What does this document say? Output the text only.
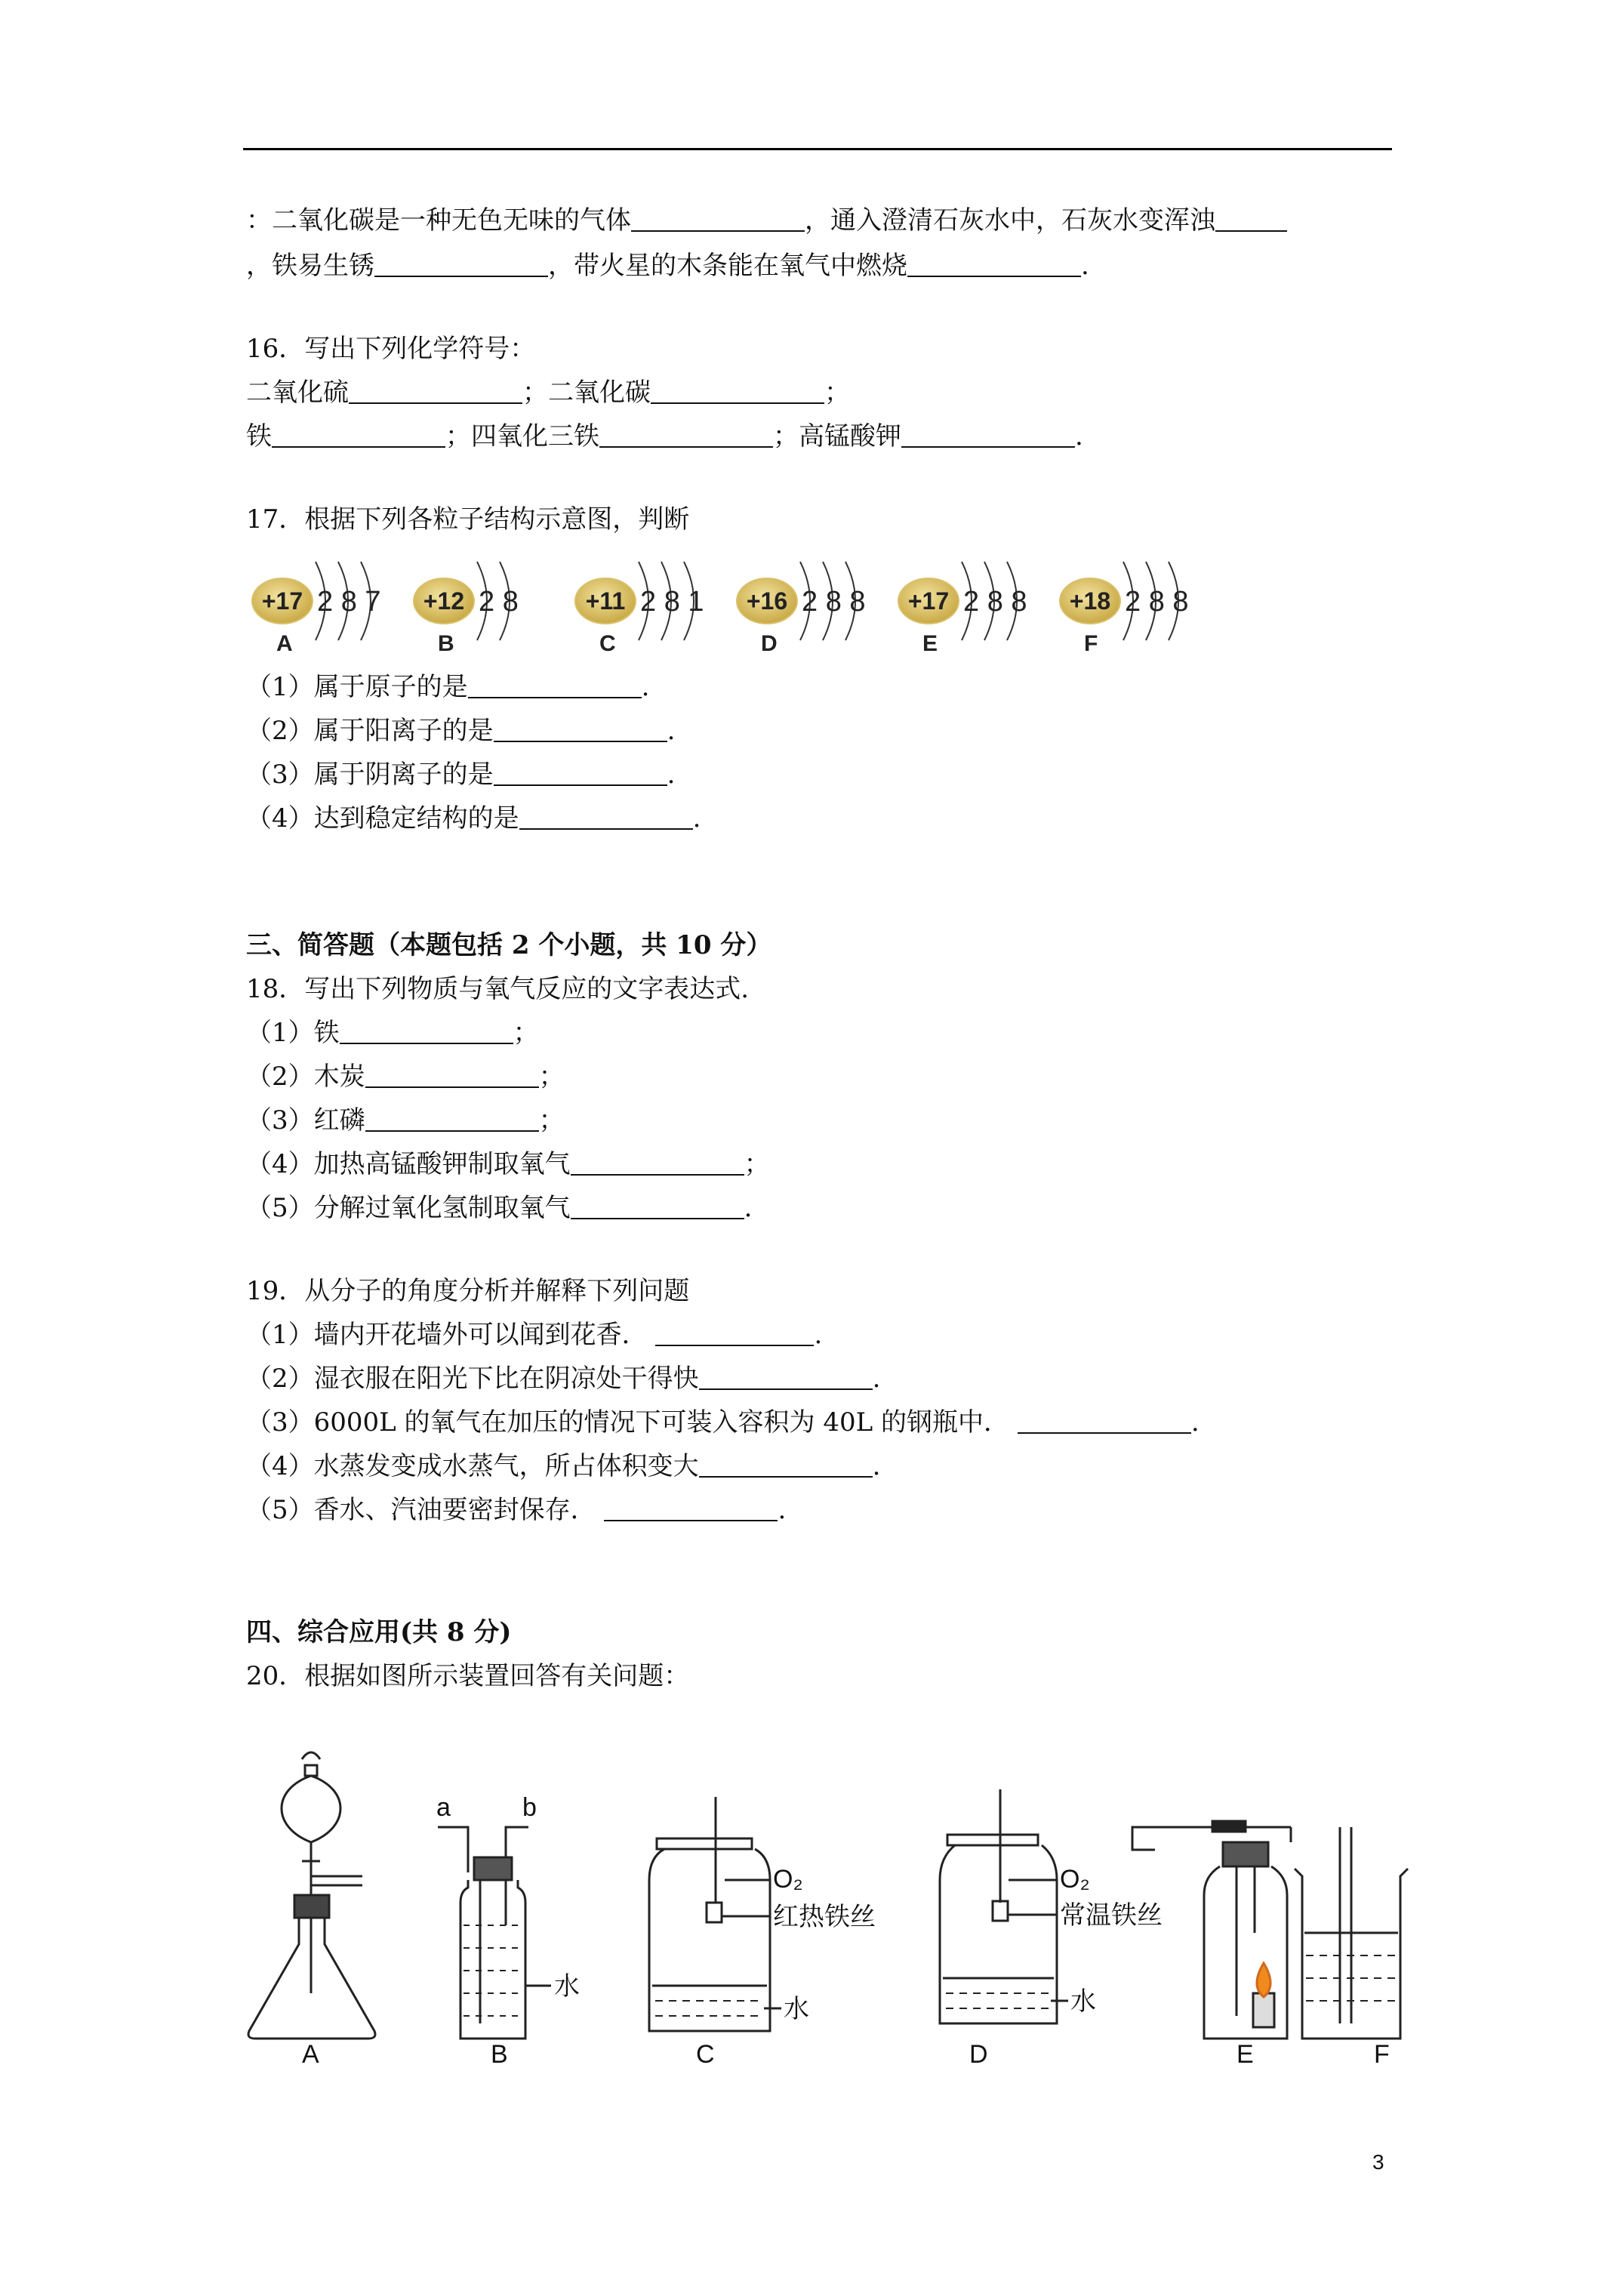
：二氧化碳是一种无色无味的气体	，通入澄清石灰水中，石灰水变浑浊
，铁易生锈	，带火星的木条能在氧气中燃烧	.
16．写出下列化学符号：
二氧化硫	；二氧化碳	；
铁	；四氧化三铁	；高锰酸钾	.
17．根据下列各粒子结构示意图，判断
+17 2 8 7
A
+12 2 8
B
+11 2 8 1
C
+16 2 8 8
D
+17 2 8 8
E
+18 2 8 8
F
（1）属于原子的是	.
（2）属于阳离子的是	.
（3）属于阴离子的是	.
（4）达到稳定结构的是	.
三、简答题（本题包括 2 个小题，共 10 分）
18．写出下列物质与氧气反应的文字表达式.
（1）铁	；
（2）木炭	；
（3）红磷	；
（4）加热高锰酸钾制取氧气	；
（5）分解过氧化氢制取氧气	.
19．从分子的角度分析并解释下列问题
（1）墙内开花墙外可以闻到花香．	.
（2）湿衣服在阳光下比在阴凉处干得快	.
（3）6000L 的氧气在加压的情况下可装入容积为 40L 的钢瓶中．	.
（4）水蒸发变成水蒸气，所占体积变大	.
（5）香水、汽油要密封保存．	.
四、综合应用(共 8 分)
20．根据如图所示装置回答有关问题：
a	b
水
O₂
红热铁丝
水
O₂
常温铁丝
水
A	B	C	D	E	F
3
